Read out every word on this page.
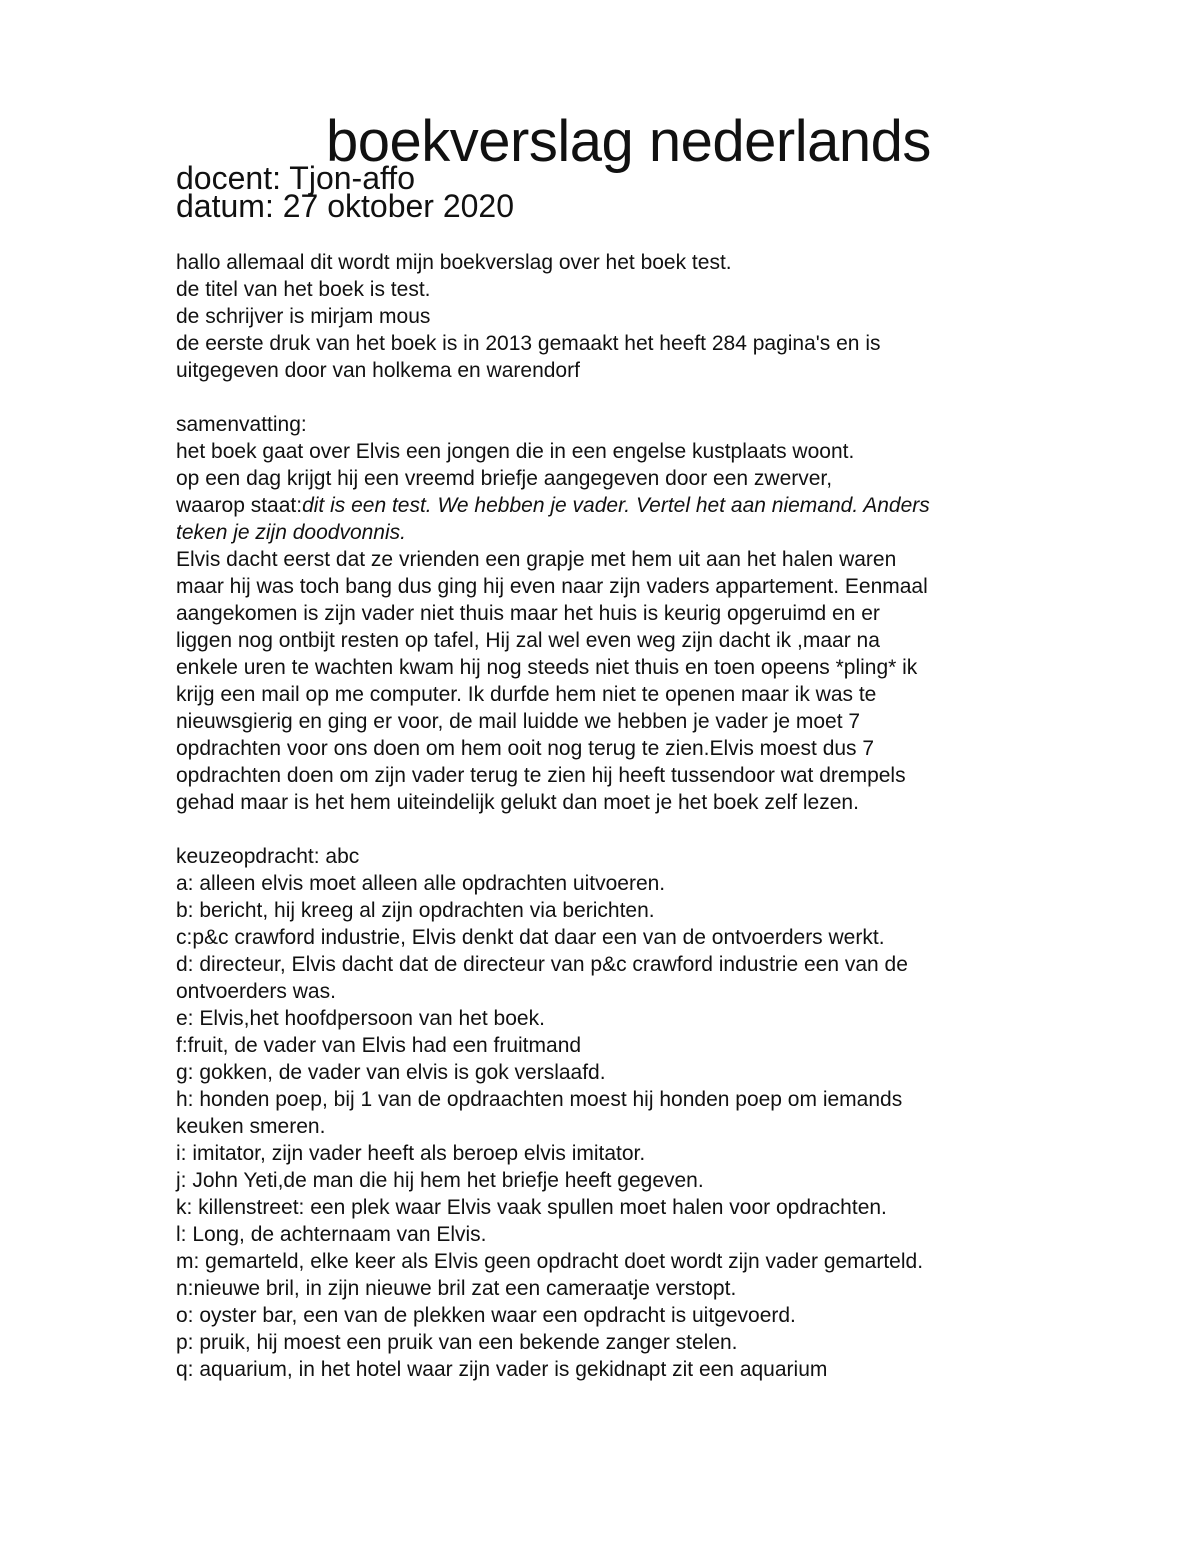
boekverslag nederlands

docent: Tjon-affo

datum: 27 oktober 2020

hallo allemaal dit wordt mijn boekverslag over het boek test.
de titel van het boek is test.
de schrijver is mirjam mous
de eerste druk van het boek is in 2013 gemaakt het heeft 284 pagina's en is
uitgegeven door van holkema en warendorf
samenvatting:
het boek gaat over Elvis een jongen die in een engelse kustplaats woont.
op een dag krijgt hij een vreemd briefje aangegeven door een zwerver,
waarop staat:dit is een test. We hebben je vader. Vertel het aan niemand. Anders
teken je zijn doodvonnis.
Elvis dacht eerst dat ze vrienden een grapje met hem uit aan het halen waren
maar hij was toch bang dus ging hij even naar zijn vaders appartement. Eenmaal
aangekomen is zijn vader niet thuis maar het huis is keurig opgeruimd en er
liggen nog ontbijt resten op tafel, Hij zal wel even weg zijn dacht ik ,maar na
enkele uren te wachten kwam hij nog steeds niet thuis en toen opeens *pling* ik
krijg een mail op me computer. Ik durfde hem niet te openen maar ik was te
nieuwsgierig en ging er voor, de mail luidde we hebben je vader je moet 7
opdrachten voor ons doen om hem ooit nog terug te zien.Elvis moest dus 7
opdrachten doen om zijn vader terug te zien hij heeft tussendoor wat drempels
gehad maar is het hem uiteindelijk gelukt dan moet je het boek zelf lezen.
keuzeopdracht: abc
a: alleen elvis moet alleen alle opdrachten uitvoeren.
b: bericht, hij kreeg al zijn opdrachten via berichten.
c:p&c crawford industrie, Elvis denkt dat daar een van de ontvoerders werkt.
d: directeur, Elvis dacht dat de directeur van p&c crawford industrie een van de
ontvoerders was.
e: Elvis,het hoofdpersoon van het boek.
f:fruit, de vader van Elvis had een fruitmand
g: gokken, de vader van elvis is gok verslaafd.
h: honden poep, bij 1 van de opdraachten moest hij honden poep om iemands
keuken smeren.
i: imitator, zijn vader heeft als beroep elvis imitator.
j: John Yeti,de man die hij hem het briefje heeft gegeven.
k: killenstreet: een plek waar Elvis vaak spullen moet halen voor opdrachten.
l: Long, de achternaam van Elvis.
m: gemarteld, elke keer als Elvis geen opdracht doet wordt zijn vader gemarteld.
n:nieuwe bril, in zijn nieuwe bril zat een cameraatje verstopt.
o: oyster bar, een van de plekken waar een opdracht is uitgevoerd.
p: pruik, hij moest een pruik van een bekende zanger stelen.
q: aquarium, in het hotel waar zijn vader is gekidnapt zit een aquarium
